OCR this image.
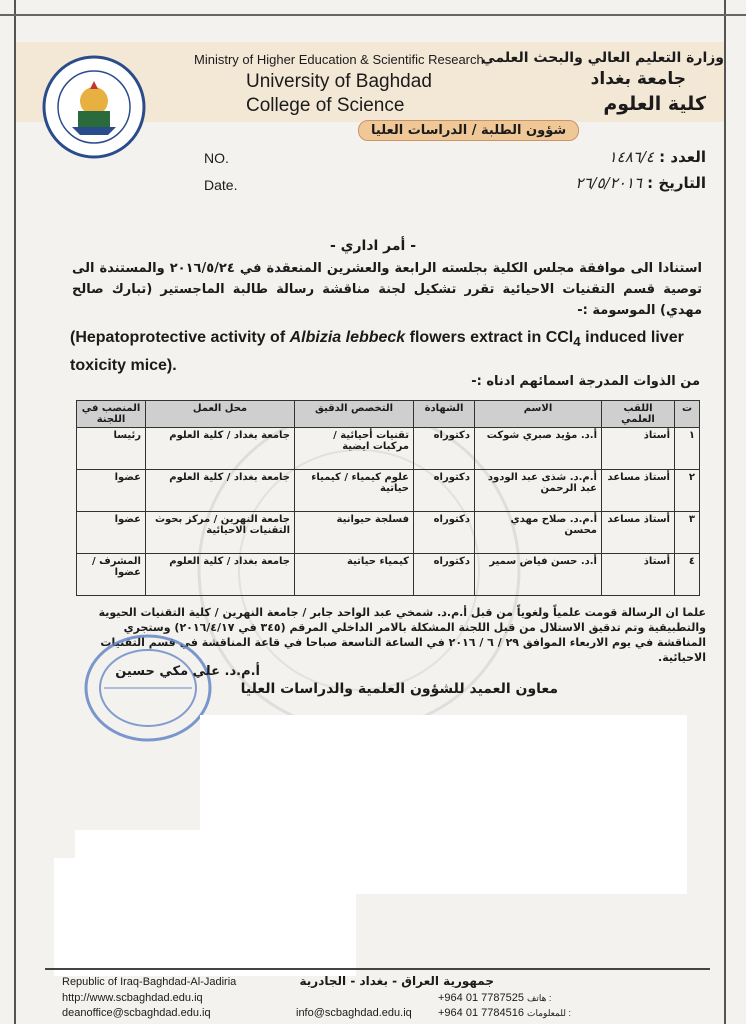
Ministry of Higher Education & Scientific Research
University of Baghdad
College of Science
وزارة التعليم العالي والبحث العلمي
جامعة بغداد
كلية العلوم
شؤون الطلبة / الدراسات العليا
NO.
Date.
العدد : ١٤٨٦/٤
التاريخ : ٢٦/٥/٢٠١٦
- أمر اداري -
استنادا الى موافقة مجلس الكلية بجلسته الرابعة والعشرين المنعقدة في ٢٠١٦/٥/٢٤ والمستندة الى توصية قسم التقنيات الاحيائية تقرر تشكيل لجنة مناقشة رسالة طالبة الماجستير (تبارك صالح مهدي) الموسومة :-
(Hepatoprotective activity of Albizia lebbeck flowers extract in CCl$_4$ induced liver toxicity mice).
من الذوات المدرجة اسمائهم ادناه :-
ت	اللقب العلمي	الاسم	الشهادة	التخصص الدقيق	محل العمل	المنصب في اللجنة
١	أستاذ	أ.د. مؤيد صبري شوكت	دكتوراه	تقنيات أحيائية / مركبات ايضية	جامعة بغداد / كلية العلوم	رئيسا
٢	أستاذ مساعد	أ.م.د. شذى عبد الودود عبد الرحمن	دكتوراه	علوم كيمياء / كيمياء حياتية	جامعة بغداد / كلية العلوم	عضوا
٣	أستاذ مساعد	أ.م.د. صلاح مهدي محسن	دكتوراه	فسلجة حيوانية	جامعة النهرين / مركز بحوث التقنيات الاحيائية	عضوا
٤	أستاذ	أ.د. حسن فياض سمير	دكتوراه	كيمياء حياتية	جامعة بغداد / كلية العلوم	المشرف / عضوا
علما ان الرسالة قومت علمياً ولغوياً من قبل أ.م.د. شمخي عبد الواحد جابر / جامعة النهرين / كلية التقنيات الحيوية والتطبيقية وتم تدقيق الاستلال من قبل اللجنة المشكلة بالامر الداخلي المرقم (٣٤٥ في ٢٠١٦/٤/١٧) وستجري المناقشة في يوم الاربعاء الموافق ٢٩ / ٦ / ٢٠١٦ في الساعة التاسعة صباحا في قاعة المناقشة في قسم التقنيات الاحيائية.
أ.م.د. علي مكي حسين
معاون العميد للشؤون العلمية والدراسات العليا
Republic of Iraq-Baghdad-Al-Jadiria
http://www.scbaghdad.edu.iq
deanoffice@scbaghdad.edu.iq	info@scbaghdad.edu.iq
جمهورية العراق - بغداد - الجادرية
+964 01 7787525 هاتف :
+964 01 7784516 للمعلومات :
